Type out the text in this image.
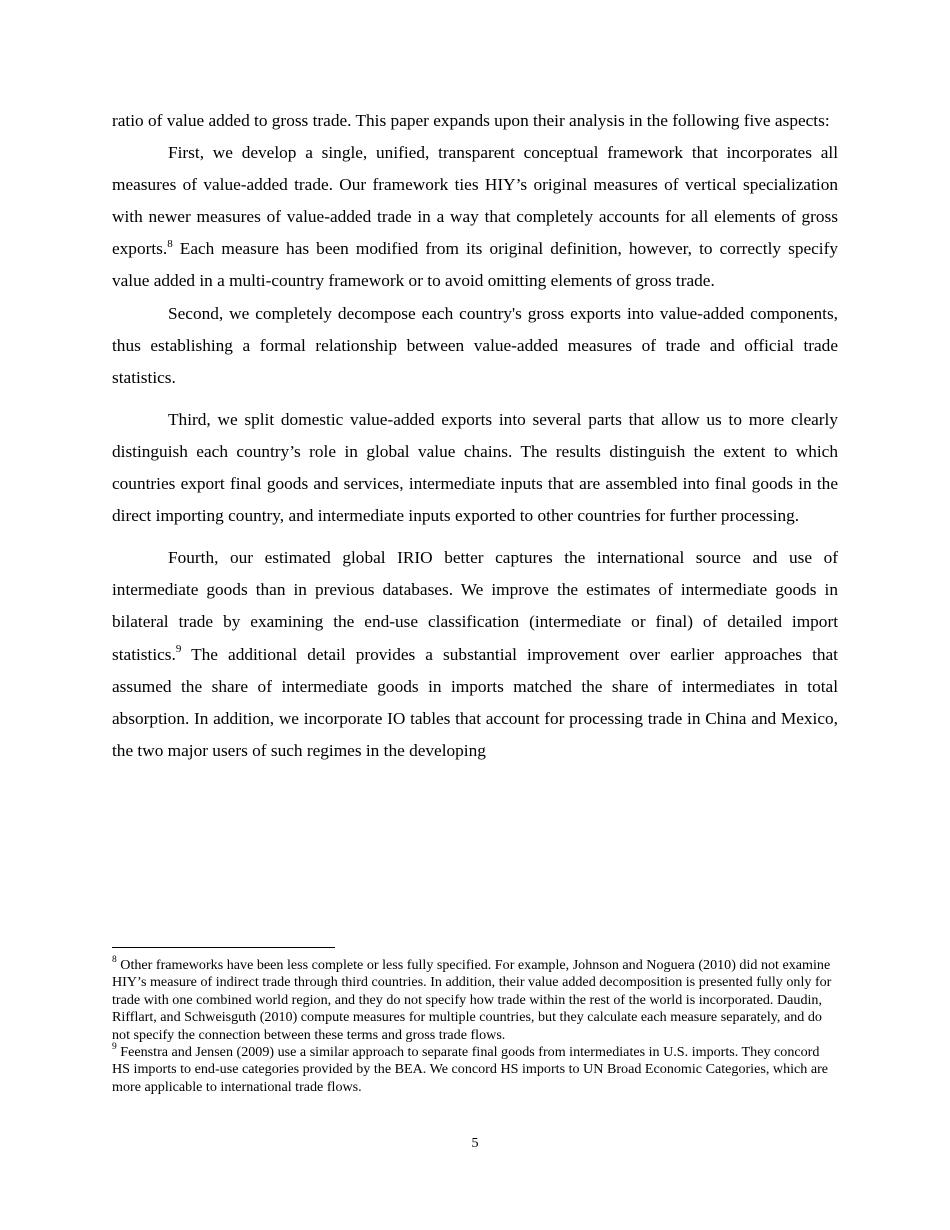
ratio of value added to gross trade. This paper expands upon their analysis in the following five aspects:

First, we develop a single, unified, transparent conceptual framework that incorporates all measures of value-added trade. Our framework ties HIY’s original measures of vertical specialization with newer measures of value-added trade in a way that completely accounts for all elements of gross exports.$^8$ Each measure has been modified from its original definition, however, to correctly specify value added in a multi-country framework or to avoid omitting elements of gross trade.

Second, we completely decompose each country's gross exports into value-added components, thus establishing a formal relationship between value-added measures of trade and official trade statistics.

Third, we split domestic value-added exports into several parts that allow us to more clearly distinguish each country’s role in global value chains. The results distinguish the extent to which countries export final goods and services, intermediate inputs that are assembled into final goods in the direct importing country, and intermediate inputs exported to other countries for further processing.

Fourth, our estimated global IRIO better captures the international source and use of intermediate goods than in previous databases. We improve the estimates of intermediate goods in bilateral trade by examining the end-use classification (intermediate or final) of detailed import statistics.$^9$ The additional detail provides a substantial improvement over earlier approaches that assumed the share of intermediate goods in imports matched the share of intermediates in total absorption. In addition, we incorporate IO tables that account for processing trade in China and Mexico, the two major users of such regimes in the developing

$^8$ Other frameworks have been less complete or less fully specified. For example, Johnson and Noguera (2010) did not examine HIY’s measure of indirect trade through third countries. In addition, their value added decomposition is presented fully only for trade with one combined world region, and they do not specify how trade within the rest of the world is incorporated. Daudin, Rifflart, and Schweisguth (2010) compute measures for multiple countries, but they calculate each measure separately, and do not specify the connection between these terms and gross trade flows.

$^9$ Feenstra and Jensen (2009) use a similar approach to separate final goods from intermediates in U.S. imports. They concord HS imports to end-use categories provided by the BEA. We concord HS imports to UN Broad Economic Categories, which are more applicable to international trade flows.

5
